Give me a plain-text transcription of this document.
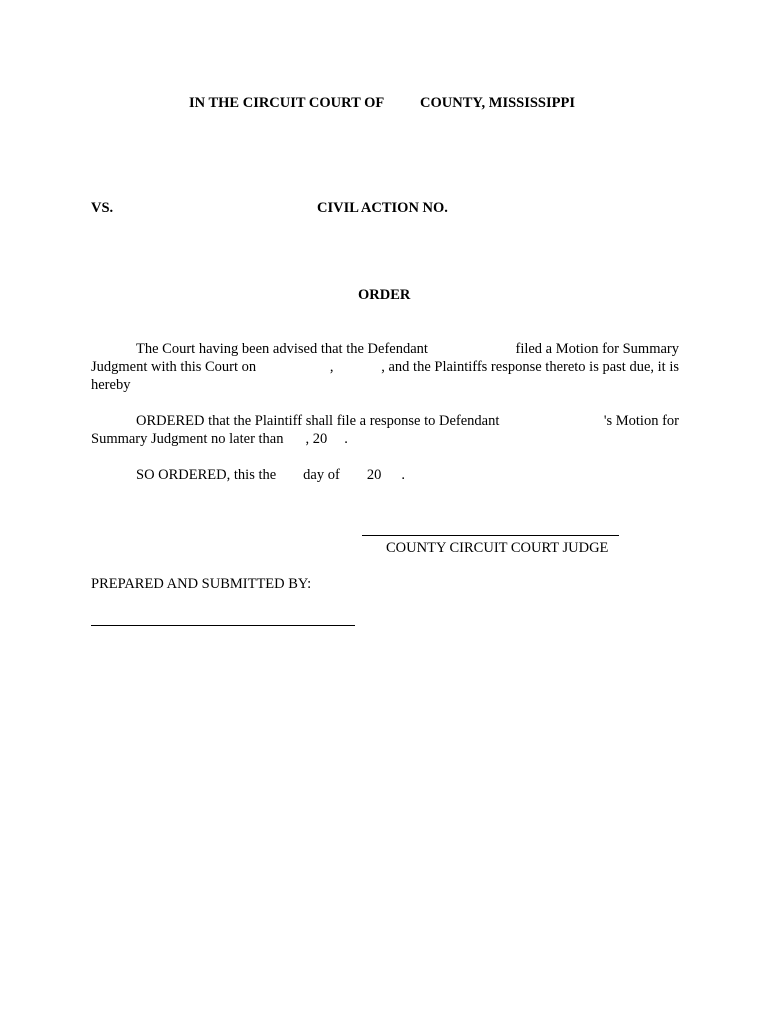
IN THE CIRCUIT COURT OF COUNTY, MISSISSIPPI
VS.	CIVIL ACTION NO.
ORDER
The Court having been advised that the Defendant	filed a Motion for Summary
Judgment with this Court on	,	, and the Plaintiffs response thereto is past due, it is
hereby
ORDERED that the Plaintiff shall file a response to Defendant	's Motion for
Summary Judgment no later than , 20 .
SO ORDERED, this the day of 20 .
COUNTY CIRCUIT COURT JUDGE
PREPARED AND SUBMITTED BY:
